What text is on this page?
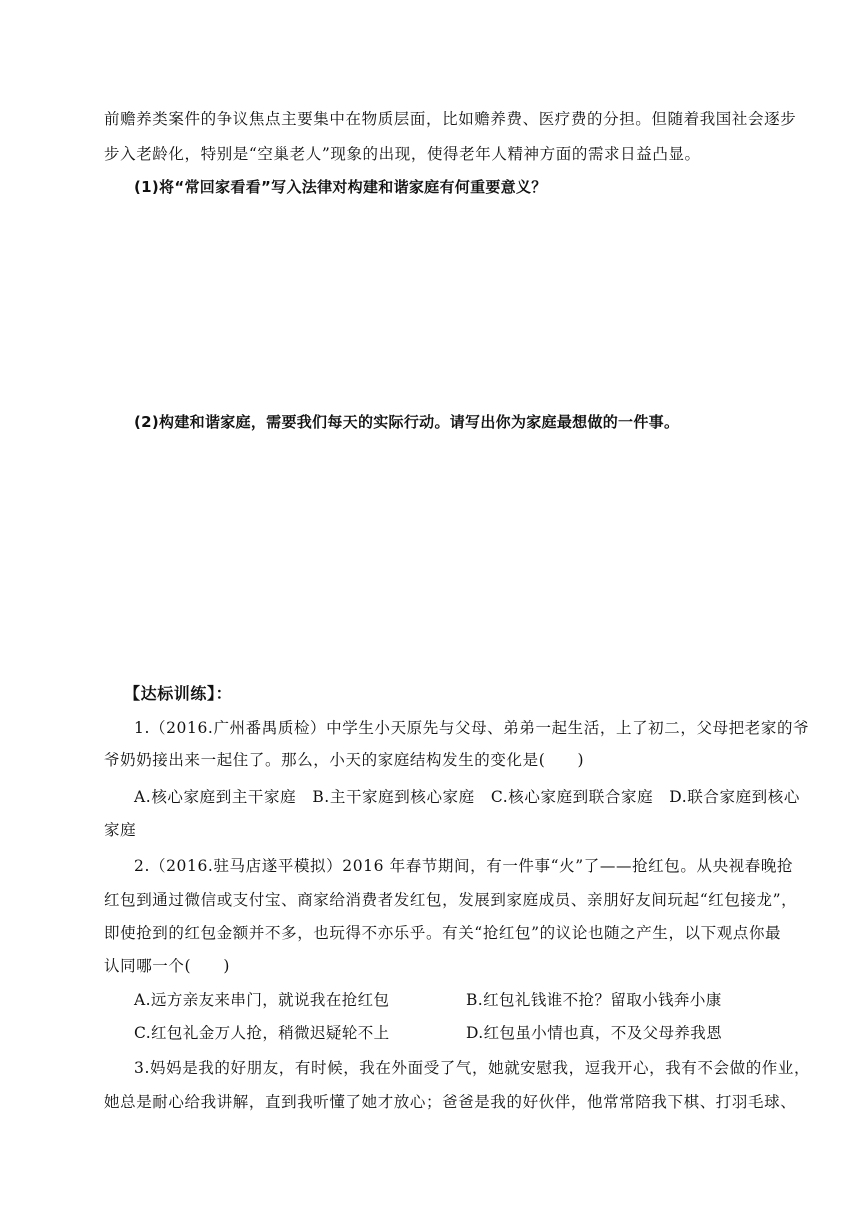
前赡养类案件的争议焦点主要集中在物质层面，比如赡养费、医疗费的分担。但随着我国社会逐步
步入老龄化，特别是“空巢老人”现象的出现，使得老年人精神方面的需求日益凸显。
(1)将“常回家看看”写入法律对构建和谐家庭有何重要意义？
(2)构建和谐家庭，需要我们每天的实际行动。请写出你为家庭最想做的一件事。
【达标训练】：
1.（2016.广州番禺质检）中学生小天原先与父母、弟弟一起生活，上了初二，父母把老家的爷
爷奶奶接出来一起住了。那么，小天的家庭结构发生的变化是(　　)
A.核心家庭到主干家庭　B.主干家庭到核心家庭　C.核心家庭到联合家庭　D.联合家庭到核心
家庭
2.（2016.驻马店遂平模拟）2016 年春节期间，有一件事“火”了——抢红包。从央视春晚抢
红包到通过微信或支付宝、商家给消费者发红包，发展到家庭成员、亲朋好友间玩起“红包接龙”，
即使抢到的红包金额并不多，也玩得不亦乐乎。有关“抢红包”的议论也随之产生，以下观点你最
认同哪一个(　　)
A.远方亲友来串门，就说我在抢红包	B.红包礼钱谁不抢？留取小钱奔小康
C.红包礼金万人抢，稍微迟疑轮不上	D.红包虽小情也真，不及父母养我恩
3.妈妈是我的好朋友，有时候，我在外面受了气，她就安慰我，逗我开心，我有不会做的作业，
她总是耐心给我讲解，直到我听懂了她才放心；爸爸是我的好伙伴，他常常陪我下棋、打羽毛球、
